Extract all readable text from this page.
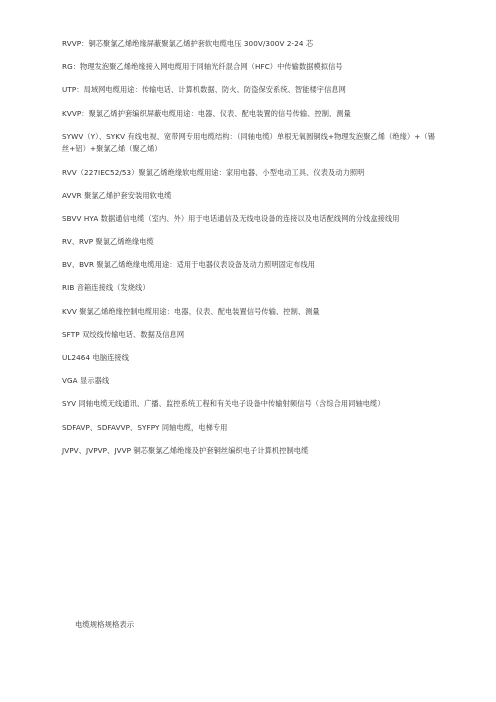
RVVP：铜芯聚氯乙烯绝缘屏蔽聚氯乙烯护套软电缆电压 300V/300V 2-24 芯

RG：物理发泡聚乙烯绝缘接入网电缆用于同轴光纤混合网（HFC）中传输数据模拟信号

UTP：局域网电缆用途：传输电话、计算机数据、防火、防盗保安系统、智能楼宇信息网

KVVP：聚氯乙烯护套编织屏蔽电缆用途：电器、仪表、配电装置的信号传输、控制、测量

SYWV（Y）、SYKV 有线电视、宽带网专用电缆结构：（同轴电缆）单根无氧圆铜线+物理发泡聚乙烯（绝缘）+（锡丝+铝）+聚氯乙烯（聚乙烯）

RVV（227IEC52/53）聚氯乙烯绝缘软电缆用途：家用电器、小型电动工具、仪表及动力照明

AVVR 聚氯乙烯护套安装用软电缆

SBVV HYA 数据通信电缆（室内、外）用于电话通信及无线电设备的连接以及电话配线网的分线盒接线用

RV、RVP 聚氯乙烯绝缘电缆

BV、BVR 聚氯乙烯绝缘电缆用途：适用于电器仪表设备及动力照明固定布线用

RIB 音箱连接线（发烧线）

KVV 聚氯乙烯绝缘控制电缆用途：电器、仪表、配电装置信号传输、控制、测量

SFTP 双绞线传输电话、数据及信息网

UL2464 电脑连接线

VGA 显示器线

SYV 同轴电缆无线通讯、广播、监控系统工程和有关电子设备中传输射频信号（含综合用同轴电缆）

SDFAVP、SDFAVVP、SYFPY 同轴电缆，电梯专用

JVPV、JVPVP、JVVP 铜芯聚氯乙烯绝缘及护套铜丝编织电子计算机控制电缆

电缆规格规格表示
